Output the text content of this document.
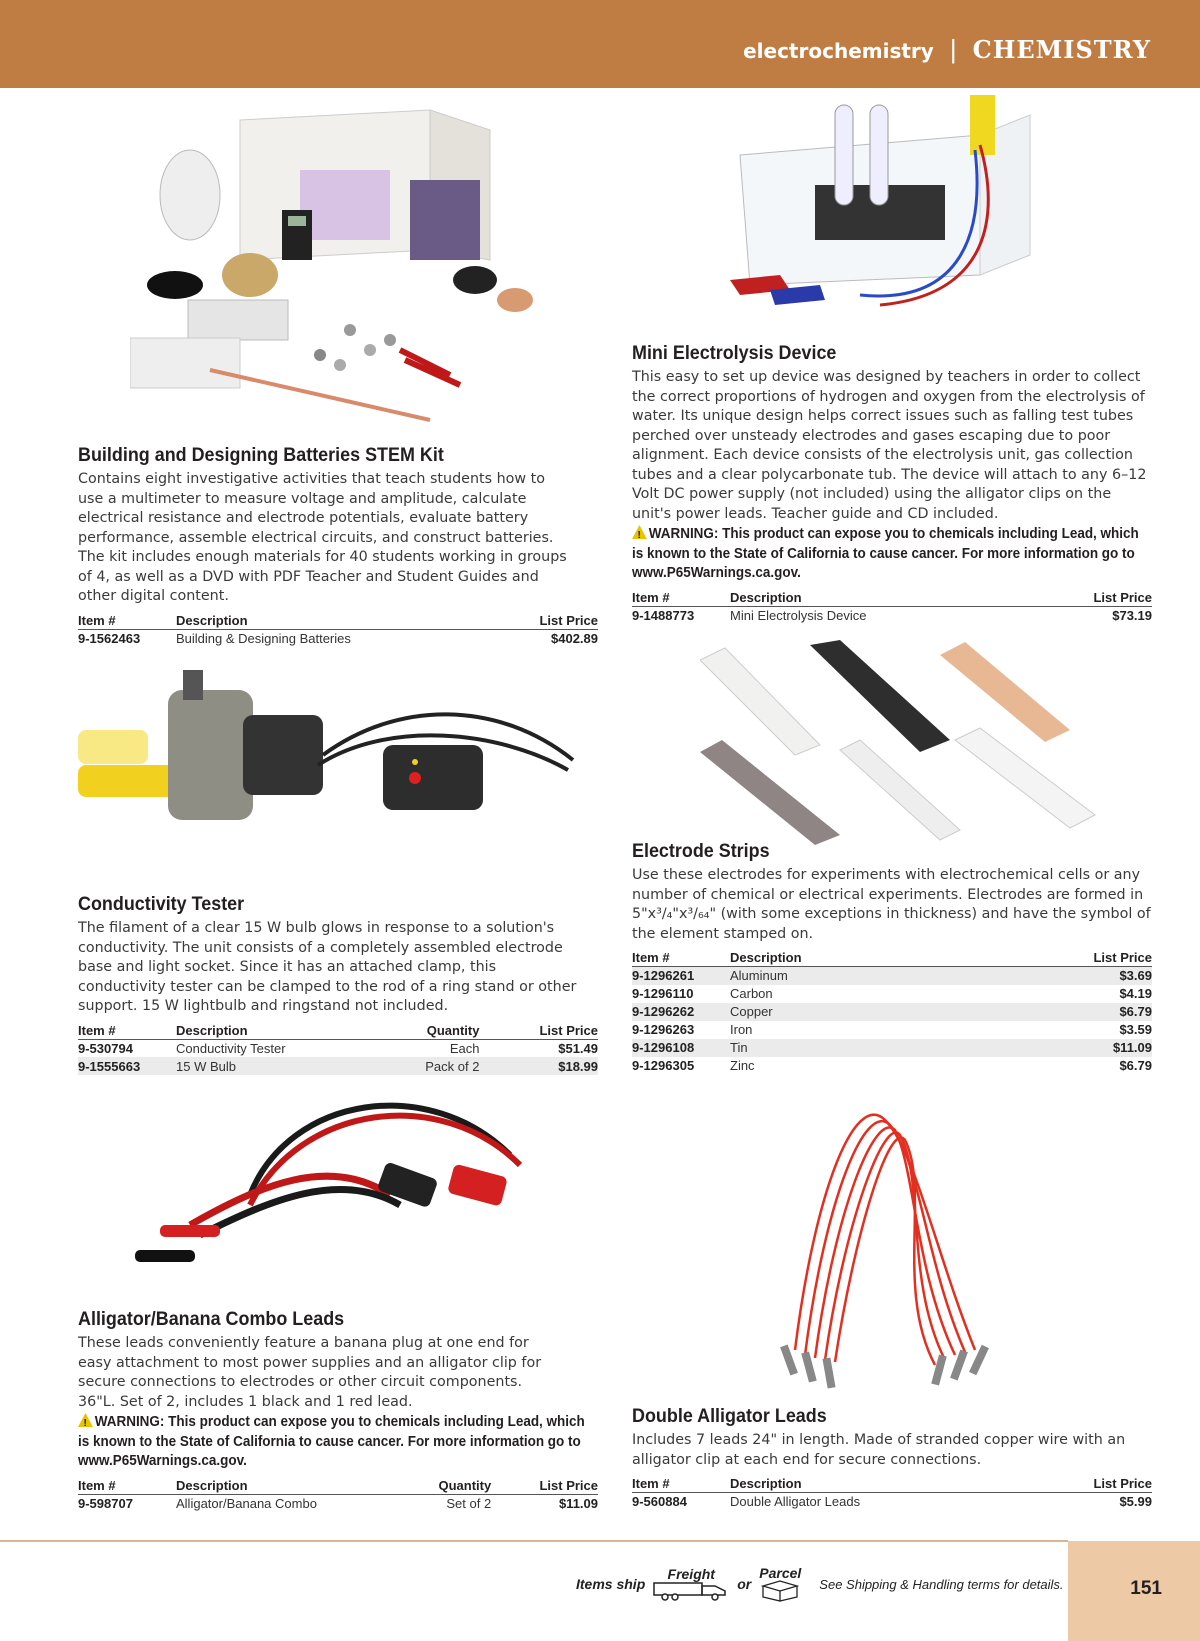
electrochemistry | CHEMISTRY
Building and Designing Batteries STEM Kit
Contains eight investigative activities that teach students how to use a multimeter to measure voltage and amplitude, calculate electrical resistance and electrode potentials, evaluate battery performance, assemble electrical circuits, and construct batteries. The kit includes enough materials for 40 students working in groups of 4, as well as a DVD with PDF Teacher and Student Guides and other digital content.
Item #	Description	List Price
9-1562463	Building & Designing Batteries	$402.89
Mini Electrolysis Device
This easy to set up device was designed by teachers in order to collect the correct proportions of hydrogen and oxygen from the electrolysis of water. Its unique design helps correct issues such as falling test tubes perched over unsteady electrodes and gases escaping due to poor alignment. Each device consists of the electrolysis unit, gas collection tubes and a clear polycarbonate tub. The device will attach to any 6–12 Volt DC power supply (not included) using the alligator clips on the unit's power leads. Teacher guide and CD included.
!WARNING: This product can expose you to chemicals including Lead, which is known to the State of California to cause cancer. For more information go to www.P65Warnings.ca.gov.
Item #	Description	List Price
9-1488773	Mini Electrolysis Device	$73.19
Conductivity Tester
The filament of a clear 15 W bulb glows in response to a solution's conductivity. The unit consists of a completely assembled electrode base and light socket. Since it has an attached clamp, this conductivity tester can be clamped to the rod of a ring stand or other support. 15 W lightbulb and ringstand not included.
Item #	Description	Quantity	List Price
9-530794	Conductivity Tester	Each	$51.49
9-1555663	15 W Bulb	Pack of 2	$18.99
Electrode Strips
Use these electrodes for experiments with electrochemical cells or any number of chemical or electrical experiments. Electrodes are formed in 5"x³/₄"x³/₆₄" (with some exceptions in thickness) and have the symbol of the element stamped on.
Item #	Description	List Price
9-1296261	Aluminum	$3.69
9-1296110	Carbon	$4.19
9-1296262	Copper	$6.79
9-1296263	Iron	$3.59
9-1296108	Tin	$11.09
9-1296305	Zinc	$6.79
Alligator/Banana Combo Leads
These leads conveniently feature a banana plug at one end for easy attachment to most power supplies and an alligator clip for secure connections to electrodes or other circuit components. 36"L. Set of 2, includes 1 black and 1 red lead.
!WARNING: This product can expose you to chemicals including Lead, which is known to the State of California to cause cancer. For more information go to www.P65Warnings.ca.gov.
Item #	Description	Quantity	List Price
9-598707	Alligator/Banana Combo	Set of 2	$11.09
Double Alligator Leads
Includes 7 leads 24" in length. Made of stranded copper wire with an alligator clip at each end for secure connections.
Item #	Description	List Price
9-560884	Double Alligator Leads	$5.99
151
Items ship
Freight
or
Parcel
See Shipping & Handling terms for details.
